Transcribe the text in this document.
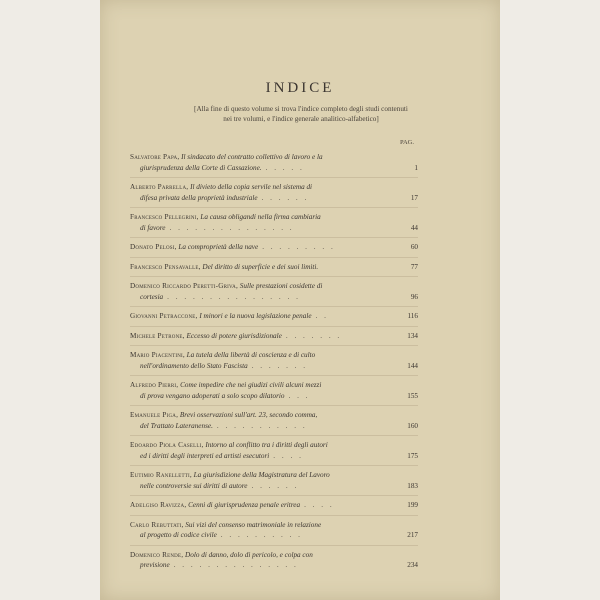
INDICE
[Alla fine di questo volume si trova l'indice completo degli studi contenuti
nei tre volumi, e l'indice generale analitico-alfabetico]
PAG.
Salvatore Papa, Il sindacato del contratto collettivo di lavoro e la
giurisprudenza della Corte di Cassazione. . . . . .	1
Alberto Parrella, Il divieto della copia servile nel sistema di
difesa privata della proprietà industriale . . . . . .	17
Francesco Pellegrini, La causa obligandi nella firma cambiaria
di favore . . . . . . . . . . . . . . .	44
Donato Pelosi, La comproprietà della nave . . . . . . . . .	60
Francesco Pensavalle, Del diritto di superficie e dei suoi limiti.	77
Domenico Riccardo Peretti-Griva, Sulle prestazioni cosidette di
cortesia . . . . . . . . . . . . . . . .	96
Giovanni Petraccone, I minori e la nuova legislazione penale . .	116
Michele Petrone, Eccesso di potere giurisdizionale . . . . . . .	134
Mario Piacentini, La tutela della libertà di coscienza e di culto
nell'ordinamento dello Stato Fascista . . . . . . .	144
Alfredo Pierri, Come impedire che nei giudizi civili alcuni mezzi
di prova vengano adoperati a solo scopo dilatorio . . .	155
Emanuele Piga, Brevi osservazioni sull'art. 23, secondo comma,
del Trattato Lateranense. . . . . . . . . . . .	160
Edoardo Piola Caselli, Intorno al conflitto tra i diritti degli autori
ed i diritti degli interpreti ed artisti esecutori . . . .	175
Eutimio Ranelletti, La giurisdizione della Magistratura del Lavoro
nelle controversie sui diritti di autore . . . . . .	183
Adelgiso Ravizza, Cenni di giurisprudenza penale eritrea . . . .	199
Carlo Rebuttati, Sui vizi del consenso matrimoniale in relazione
al progetto di codice civile . . . . . . . . . .	217
Domenico Rende, Dolo di danno, dolo di pericolo, e colpa con
previsione . . . . . . . . . . . . . . .	234
